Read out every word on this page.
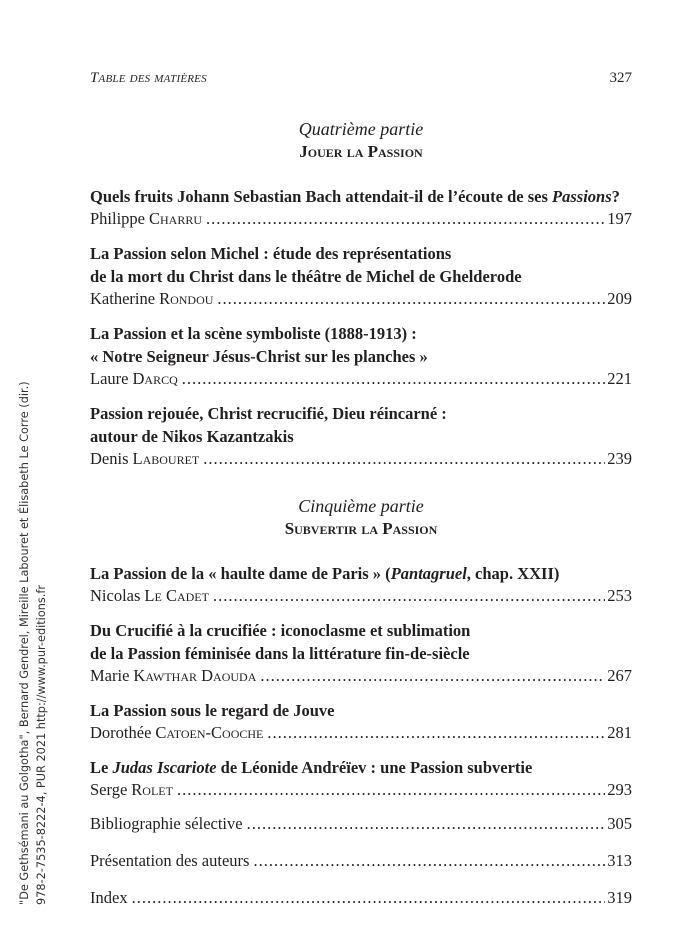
Table des matières	327
Quatrième partie
Jouer la Passion
Quels fruits Johann Sebastian Bach attendait-il de l’écoute de ses Passions?
Philippe Charru .....	197
La Passion selon Michel : étude des représentations
de la mort du Christ dans le théâtre de Michel de Ghelderode
Katherine Rondou .....	209
La Passion et la scène symboliste (1888-1913) :
« Notre Seigneur Jésus-Christ sur les planches »
Laure Darcq .....	221
Passion rejouée, Christ recrucifié, Dieu réincarné :
autour de Nikos Kazantzakis
Denis Labouret .....	239
Cinquième partie
Subvertir la Passion
La Passion de la « haulte dame de Paris » (Pantagruel, chap. XXII)
Nicolas Le Cadet .....	253
Du Crucifié à la crucifiée : iconoclasme et sublimation
de la Passion féminisée dans la littérature fin-de-siècle
Marie Kawthar Daouda .....	267
La Passion sous le regard de Jouve
Dorothée Catoen-Cooche .....	281
Le Judas Iscariote de Léonide Andréïev : une Passion subvertie
Serge Rolet .....	293
Bibliographie sélective .....	305
Présentation des auteurs .....	313
Index .....	319
"De Gethsémani au Golgotha", Bernard Gendrel, Mireille Labouret et Élisabeth Le Corre (dir.) 978-2-7535-8222-4, PUR 2021 http://www.pur-editions.fr
